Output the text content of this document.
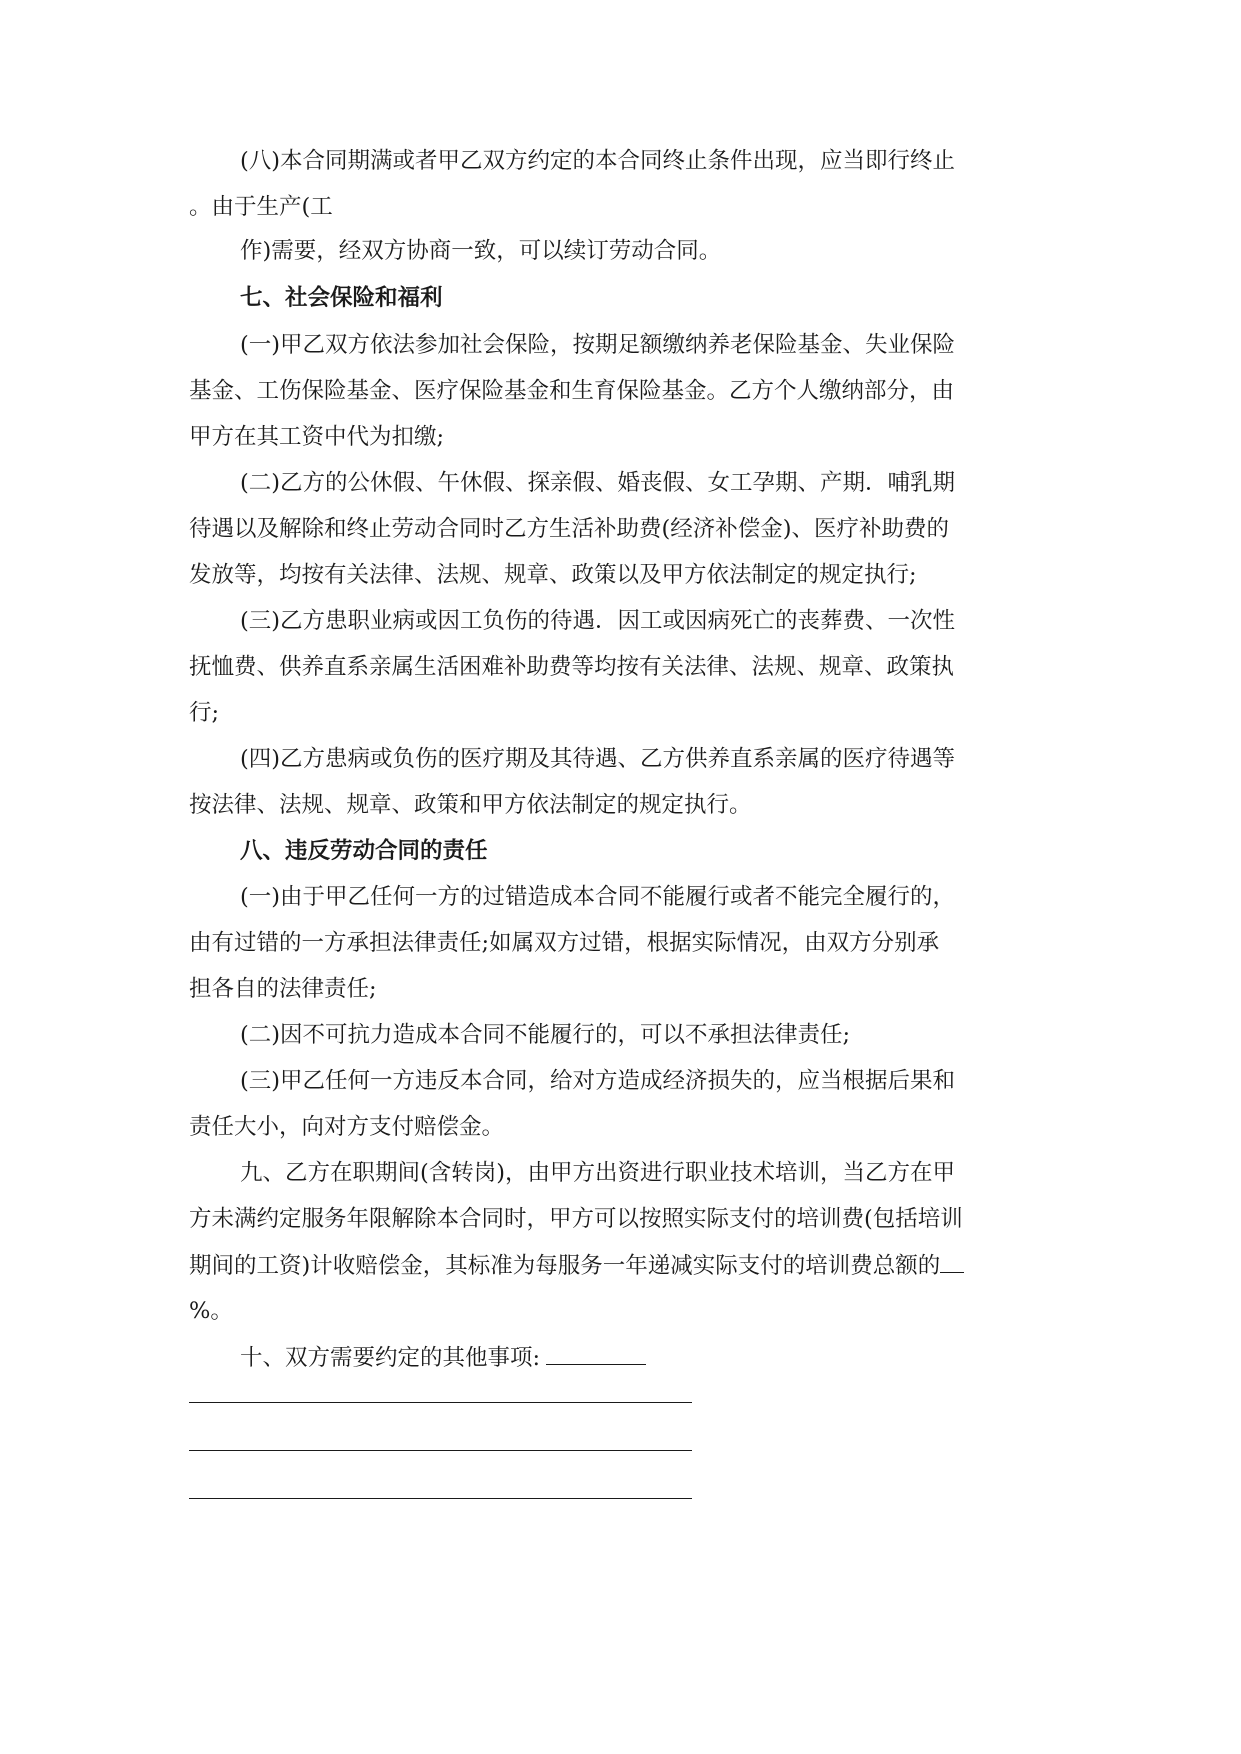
(八)本合同期满或者甲乙双方约定的本合同终止条件出现，应当即行终止
。由于生产(工
作)需要，经双方协商一致，可以续订劳动合同。
七、社会保险和福利
(一)甲乙双方依法参加社会保险，按期足额缴纳养老保险基金、失业保险
基金、工伤保险基金、医疗保险基金和生育保险基金。乙方个人缴纳部分，由
甲方在其工资中代为扣缴;
(二)乙方的公休假、午休假、探亲假、婚丧假、女工孕期、产期．哺乳期
待遇以及解除和终止劳动合同时乙方生活补助费(经济补偿金)、医疗补助费的
发放等，均按有关法律、法规、规章、政策以及甲方依法制定的规定执行;
(三)乙方患职业病或因工负伤的待遇．因工或因病死亡的丧葬费、一次性
抚恤费、供养直系亲属生活困难补助费等均按有关法律、法规、规章、政策执
行;
(四)乙方患病或负伤的医疗期及其待遇、乙方供养直系亲属的医疗待遇等
按法律、法规、规章、政策和甲方依法制定的规定执行。
八、违反劳动合同的责任
(一)由于甲乙任何一方的过错造成本合同不能履行或者不能完全履行的，
由有过错的一方承担法律责任;如属双方过错，根据实际情况，由双方分别承
担各自的法律责任;
(二)因不可抗力造成本合同不能履行的，可以不承担法律责任;
(三)甲乙任何一方违反本合同，给对方造成经济损失的，应当根据后果和
责任大小，向对方支付赔偿金。
九、乙方在职期间(含转岗)，由甲方出资进行职业技术培训，当乙方在甲
方未满约定服务年限解除本合同时，甲方可以按照实际支付的培训费(包括培训
期间的工资)计收赔偿金，其标准为每服务一年递减实际支付的培训费总额的
%。
十、双方需要约定的其他事项:
